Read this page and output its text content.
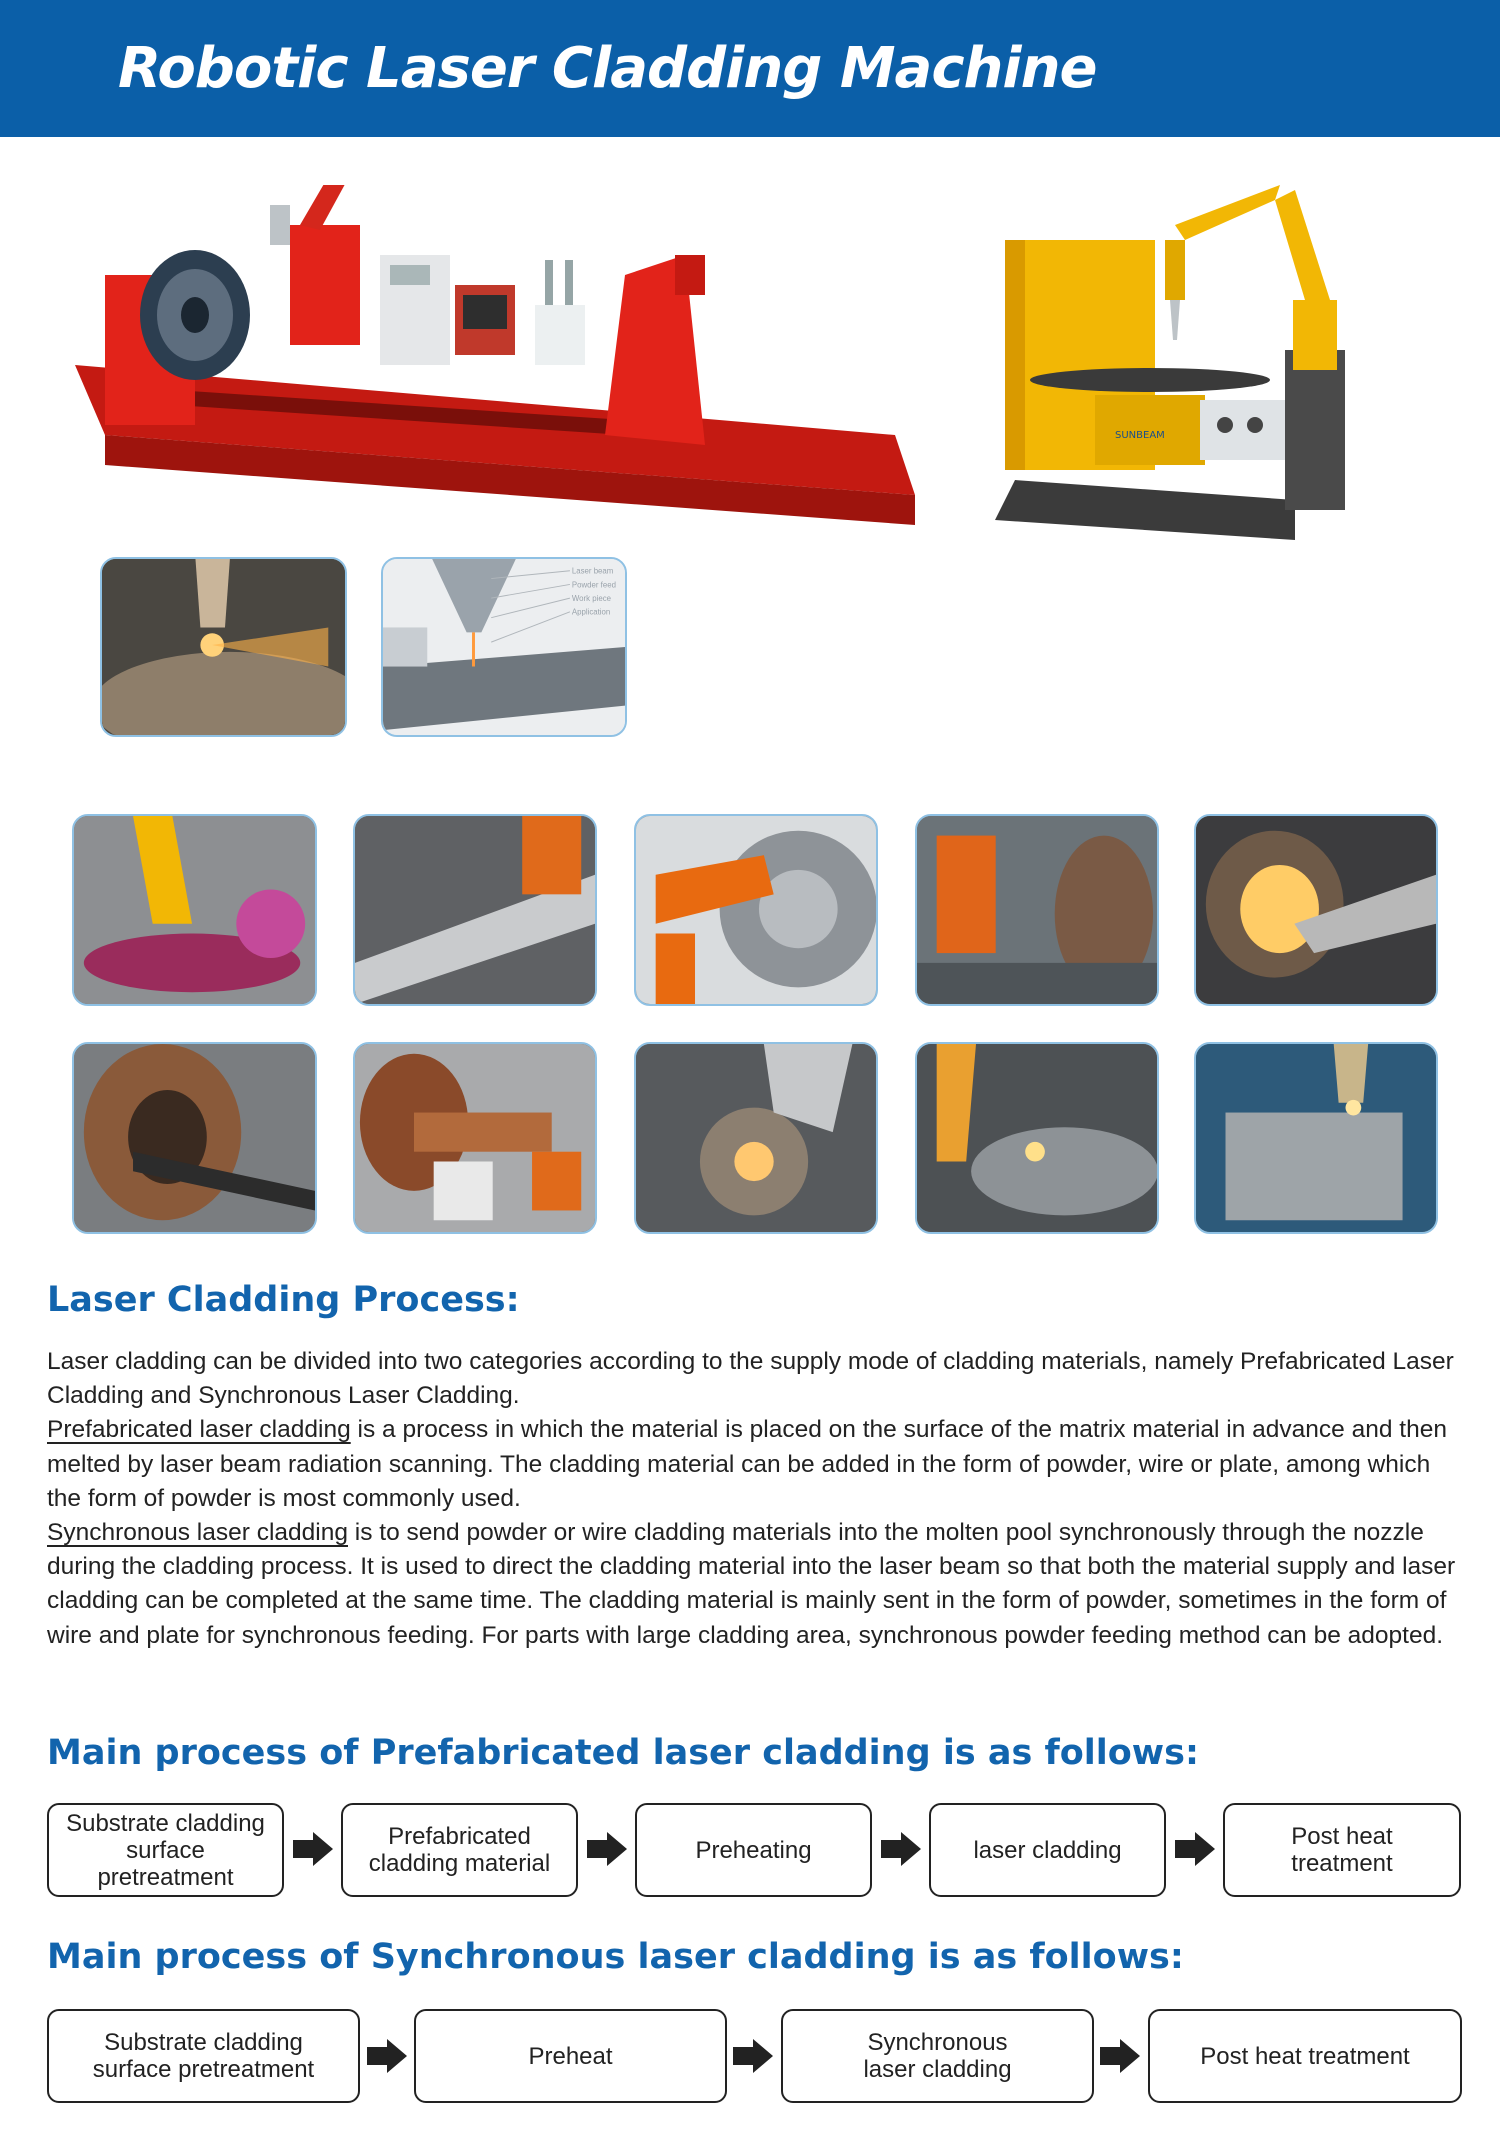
Robotic Laser Cladding Machine
SUNBEAM
Laser beam
Powder feed
Work piece
Application
Laser Cladding Process:

Laser cladding can be divided into two categories according to the supply mode of cladding materials, namely Prefabricated Laser Cladding and Synchronous Laser Cladding.

Prefabricated laser cladding is a process in which the material is placed on the surface of the matrix material in advance and then melted by laser beam radiation scanning. The cladding material can be added in the form of powder, wire or plate, among which the form of powder is most commonly used.

Synchronous laser cladding is to send powder or wire cladding materials into the molten pool synchronously through the nozzle during the cladding process. It is used to direct the cladding material into the laser beam so that both the material supply and laser cladding can be completed at the same time. The cladding material is mainly sent in the form of powder, sometimes in the form of wire and plate for synchronous feeding. For parts with large cladding area, synchronous powder feeding method can be adopted.

Main process of Prefabricated laser cladding is as follows:
Substrate cladding surface pretreatment
Prefabricated cladding material	Preheating	laser cladding	Post heat treatment
Main process of Synchronous laser cladding is as follows:
Substrate cladding surface pretreatment	Preheat	Synchronous laser cladding	Post heat treatment
